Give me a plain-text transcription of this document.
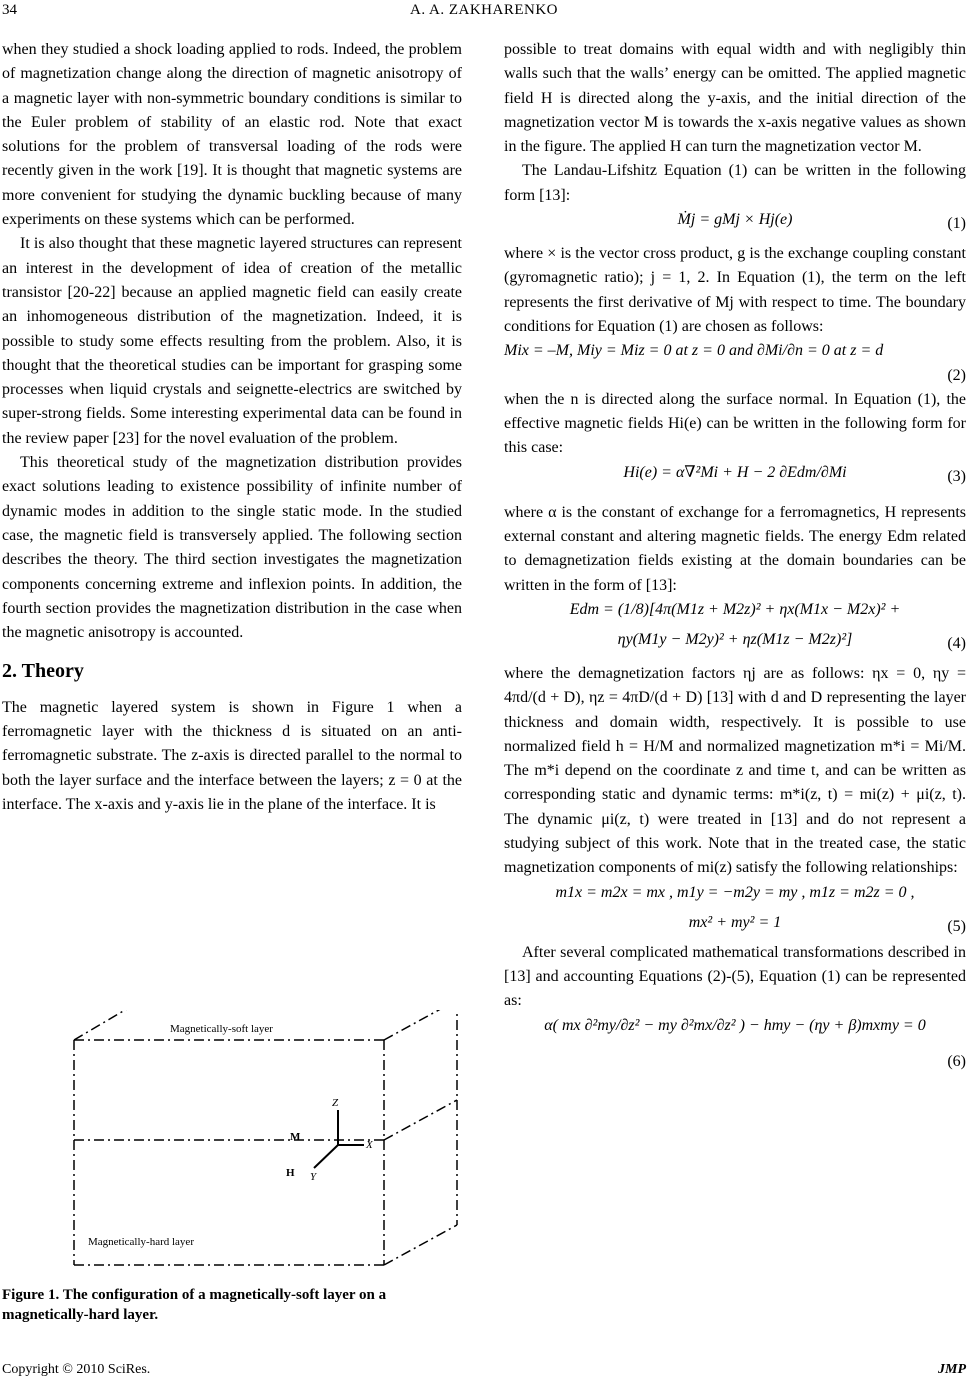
34	A. A. ZAKHARENKO

when they studied a shock loading applied to rods. Indeed, the problem of magnetization change along the direction of magnetic anisotropy of a magnetic layer with non-symmetric boundary conditions is similar to the Euler problem of stability of an elastic rod. Note that exact solutions for the problem of transversal loading of the rods were recently given in the work [19]. It is thought that magnetic systems are more convenient for studying the dynamic buckling because of many experiments on these systems which can be performed.

It is also thought that these magnetic layered structures can represent an interest in the development of idea of creation of the metallic transistor [20-22] because an applied magnetic field can easily create an inhomogeneous distribution of the magnetization. Indeed, it is possible to study some effects resulting from the problem. Also, it is thought that the theoretical studies can be important for grasping some processes when liquid crystals and seignette-electrics are switched by super-strong fields. Some interesting experimental data can be found in the review paper [23] for the novel evaluation of the problem.

This theoretical study of the magnetization distribution provides exact solutions leading to existence possibility of infinite number of dynamic modes in addition to the single static mode. In the studied case, the magnetic field is transversely applied. The following section describes the theory. The third section investigates the magnetization components concerning extreme and inflexion points. In addition, the fourth section provides the magnetization distribution in the case when the magnetic anisotropy is accounted.

2. Theory

The magnetic layered system is shown in Figure 1 when a ferromagnetic layer with the thickness d is situated on an anti-ferromagnetic substrate. The z-axis is directed parallel to the normal to both the layer surface and the interface between the layers; z = 0 at the interface. The x-axis and y-axis lie in the plane of the interface. It is

Magnetically-soft layer
Magnetically-hard layer
Z
X
Y
M
H
Figure 1. The configuration of a magnetically-soft layer on a magnetically-hard layer.

possible to treat domains with equal width and with negligibly thin walls such that the walls’ energy can be omitted. The applied magnetic field H is directed along the y-axis, and the initial direction of the magnetization vector M is towards the x-axis negative values as shown in the figure. The applied H can turn the magnetization vector M.

The Landau-Lifshitz Equation (1) can be written in the following form [13]:

Ṁj = gMj × Hj(e)	(1)

where × is the vector cross product, g is the exchange coupling constant (gyromagnetic ratio); j = 1, 2. In Equation (1), the term on the left represents the first derivative of Mj with respect to time. The boundary conditions for Equation (1) are chosen as follows:

Mix = –M, Miy = Miz = 0 at z = 0 and ∂Mi/∂n = 0 at z = d
(2)

when the n is directed along the surface normal. In Equation (1), the effective magnetic fields Hi(e) can be written in the following form for this case:

Hi(e) = α∇²Mi + H − 2 ∂Edm/∂Mi	(3)

where α is the constant of exchange for a ferromagnetics, H represents external constant and altering magnetic fields. The energy Edm related to demagnetization fields existing at the domain boundaries can be written in the form of [13]:

Edm = (1/8)[4π(M1z + M2z)² + ηx(M1x − M2x)² +
ηy(M1y − M2y)² + ηz(M1z − M2z)²]	(4)

where the demagnetization factors ηj are as follows: ηx = 0, ηy = 4πd/(d + D), ηz = 4πD/(d + D) [13] with d and D representing the layer thickness and domain width, respectively. It is possible to use normalized field h = H/M and normalized magnetization m*i = Mi/M. The m*i depend on the coordinate z and time t, and can be written as corresponding static and dynamic terms: m*i(z, t) = mi(z) + μi(z, t). The dynamic μi(z, t) were treated in [13] and do not represent a studying subject of this work. Note that in the treated case, the static magnetization components of mi(z) satisfy the following relationships:

m1x = m2x = mx , m1y = −m2y = my , m1z = m2z = 0 ,
mx² + my² = 1	(5)

After several complicated mathematical transformations described in [13] and accounting Equations (2)-(5), Equation (1) can be represented as:

α( mx ∂²my/∂z² − my ∂²mx/∂z² ) − hmy − (ηy + β)mxmy = 0
(6)
Copyright © 2010 SciRes.	JMP
